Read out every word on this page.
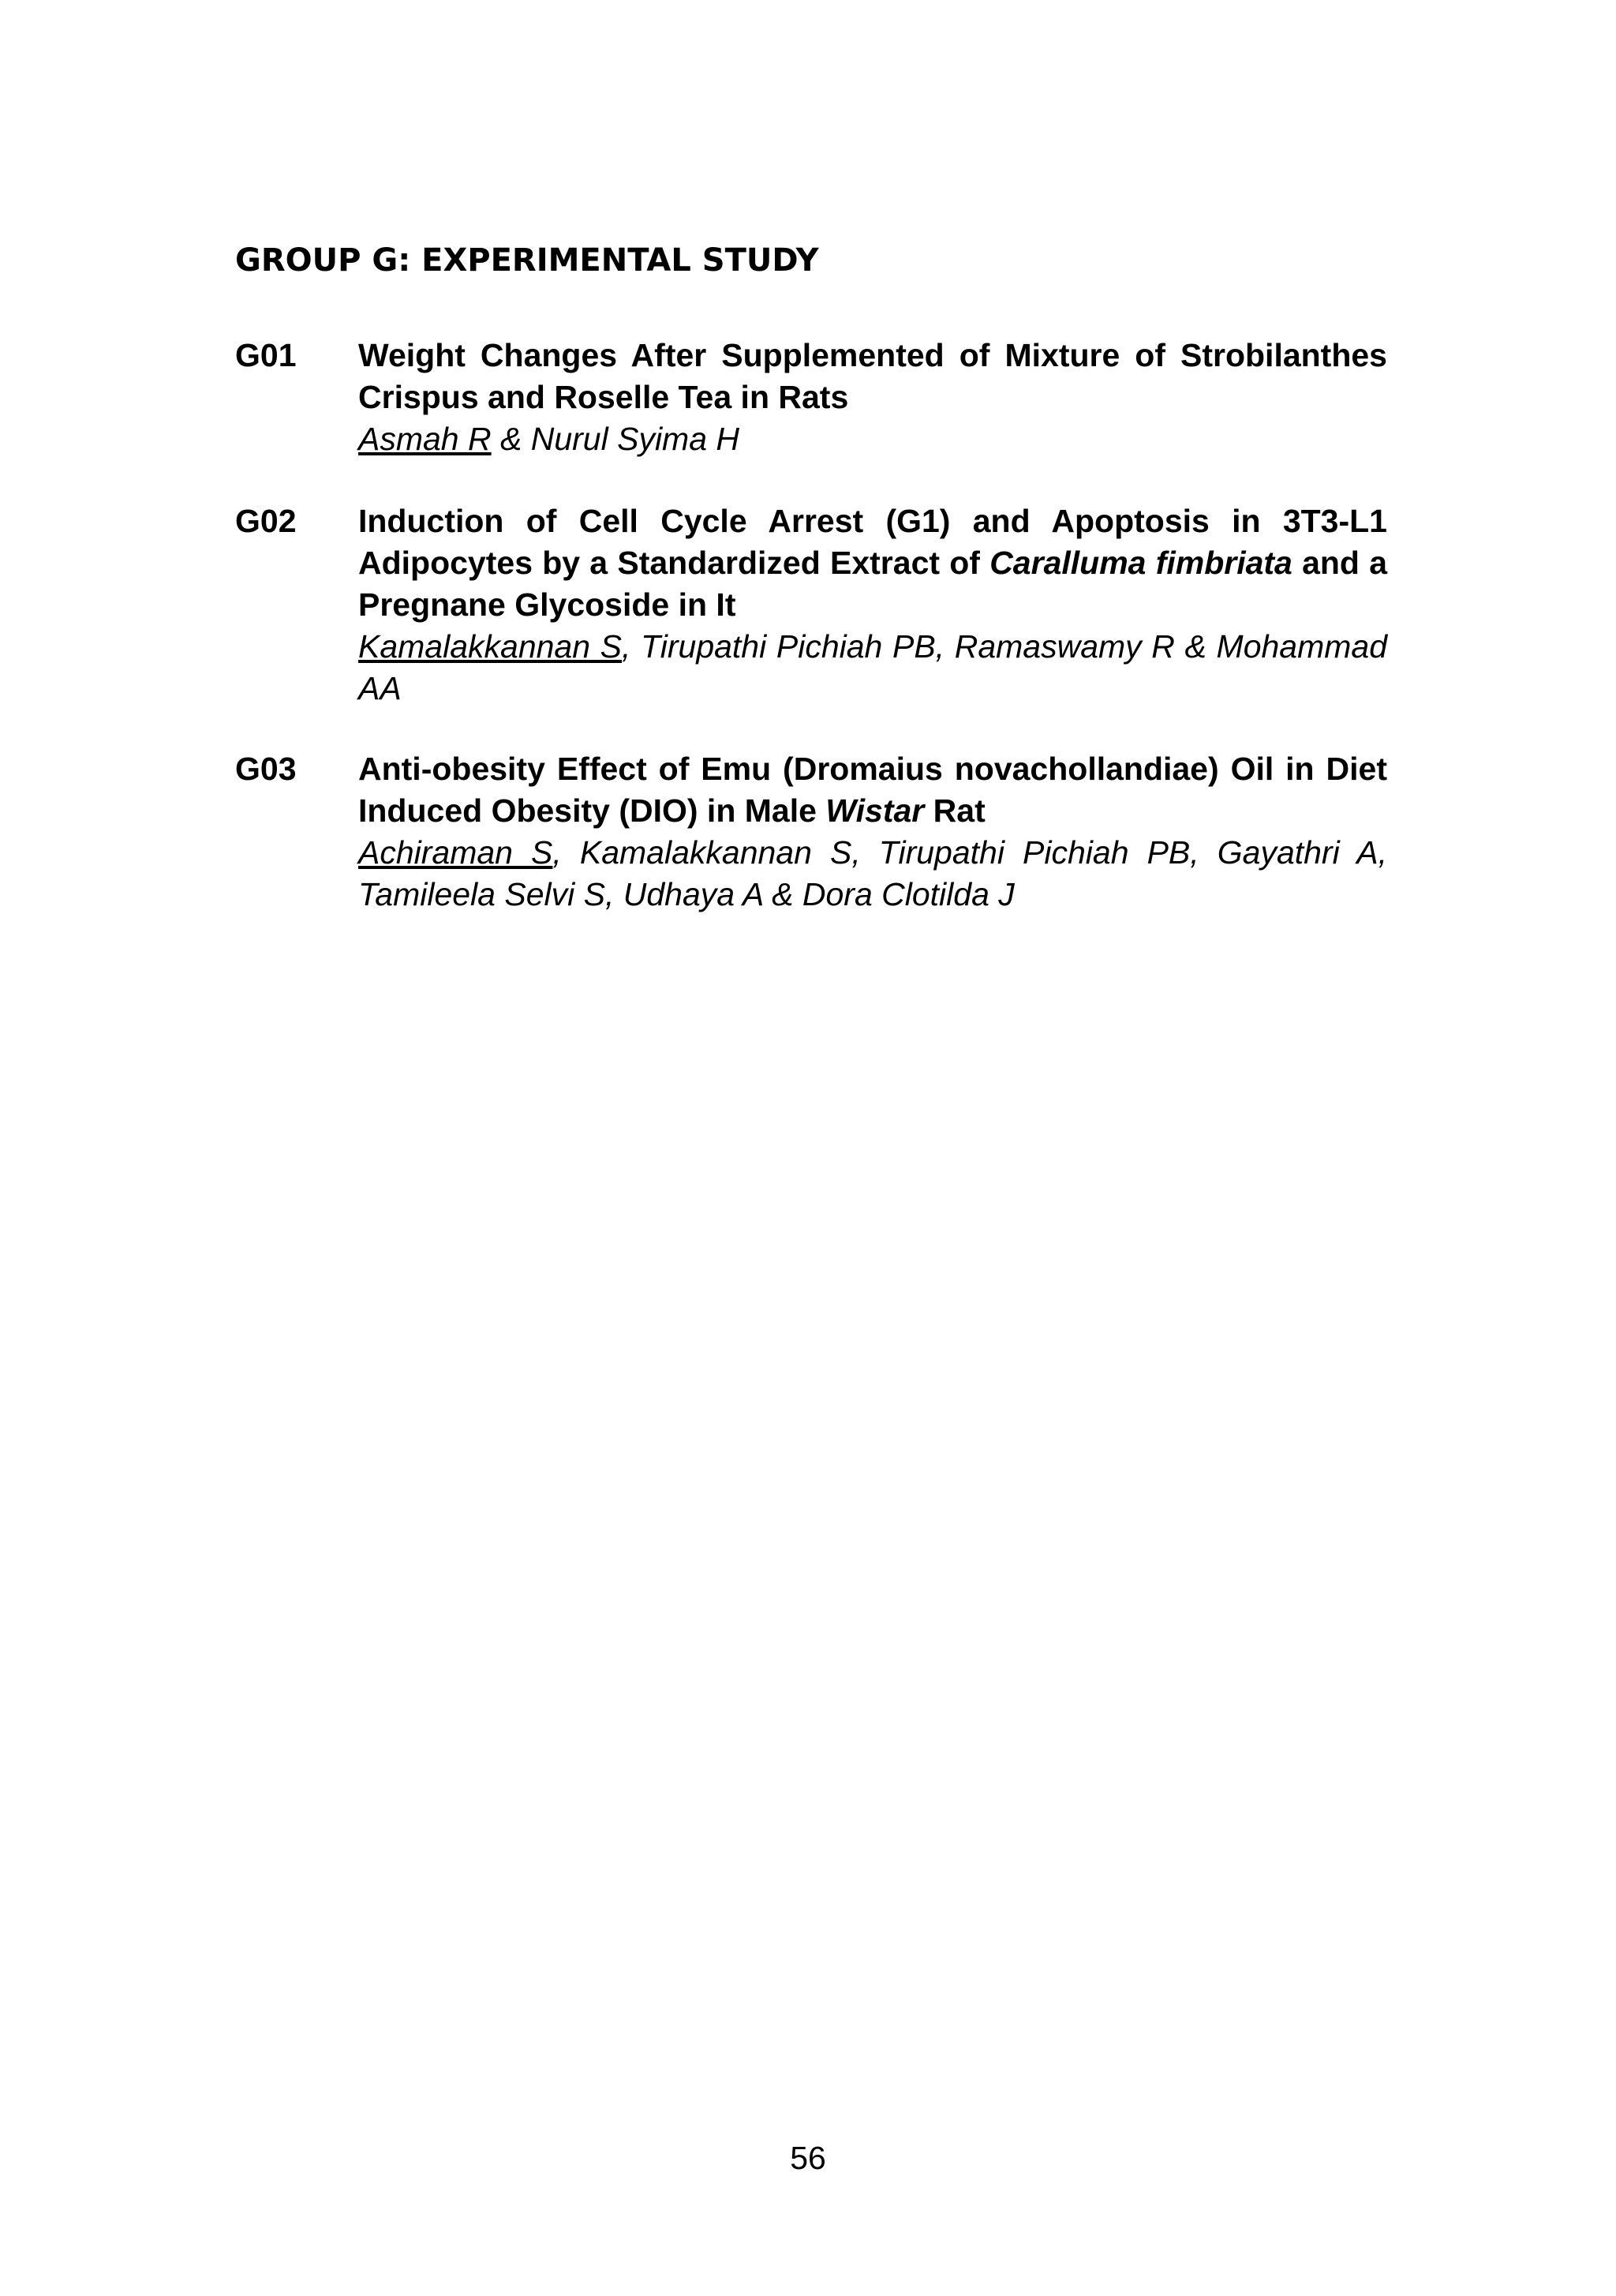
GROUP G: EXPERIMENTAL STUDY
G01 Weight Changes After Supplemented of Mixture of Strobilanthes Crispus and Roselle Tea in Rats
Asmah R & Nurul Syima H
G02 Induction of Cell Cycle Arrest (G1) and Apoptosis in 3T3-L1 Adipocytes by a Standardized Extract of Caralluma fimbriata and a Pregnane Glycoside in It
Kamalakkannan S, Tirupathi Pichiah PB, Ramaswamy R & Mohammad AA
G03 Anti-obesity Effect of Emu (Dromaius novachollandiae) Oil in Diet Induced Obesity (DIO) in Male Wistar Rat
Achiraman S, Kamalakkannan S, Tirupathi Pichiah PB, Gayathri A, Tamileela Selvi S, Udhaya A & Dora Clotilda J
56
